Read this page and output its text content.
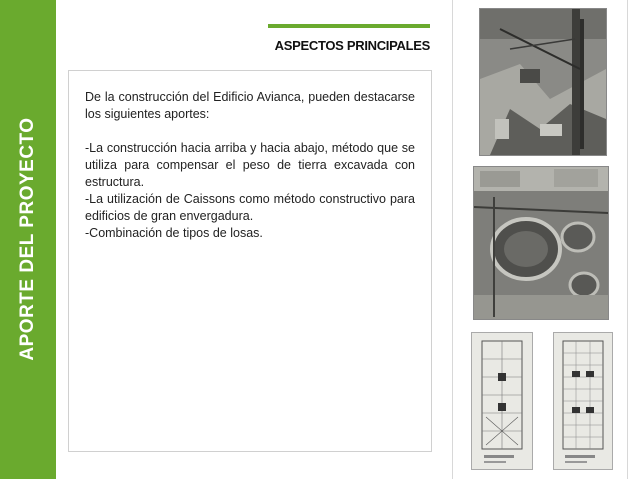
APORTE DEL PROYECTO
ASPECTOS PRINCIPALES

De la construcción del Edificio Avianca, pueden destacarse los siguientes aportes:

-La construcción hacia arriba y hacia abajo, método que se utiliza para compensar el peso de tierra excavada con estructura.

-La utilización de Caissons como método constructivo para edificios de gran envergadura.

-Combinación de tipos de losas.
